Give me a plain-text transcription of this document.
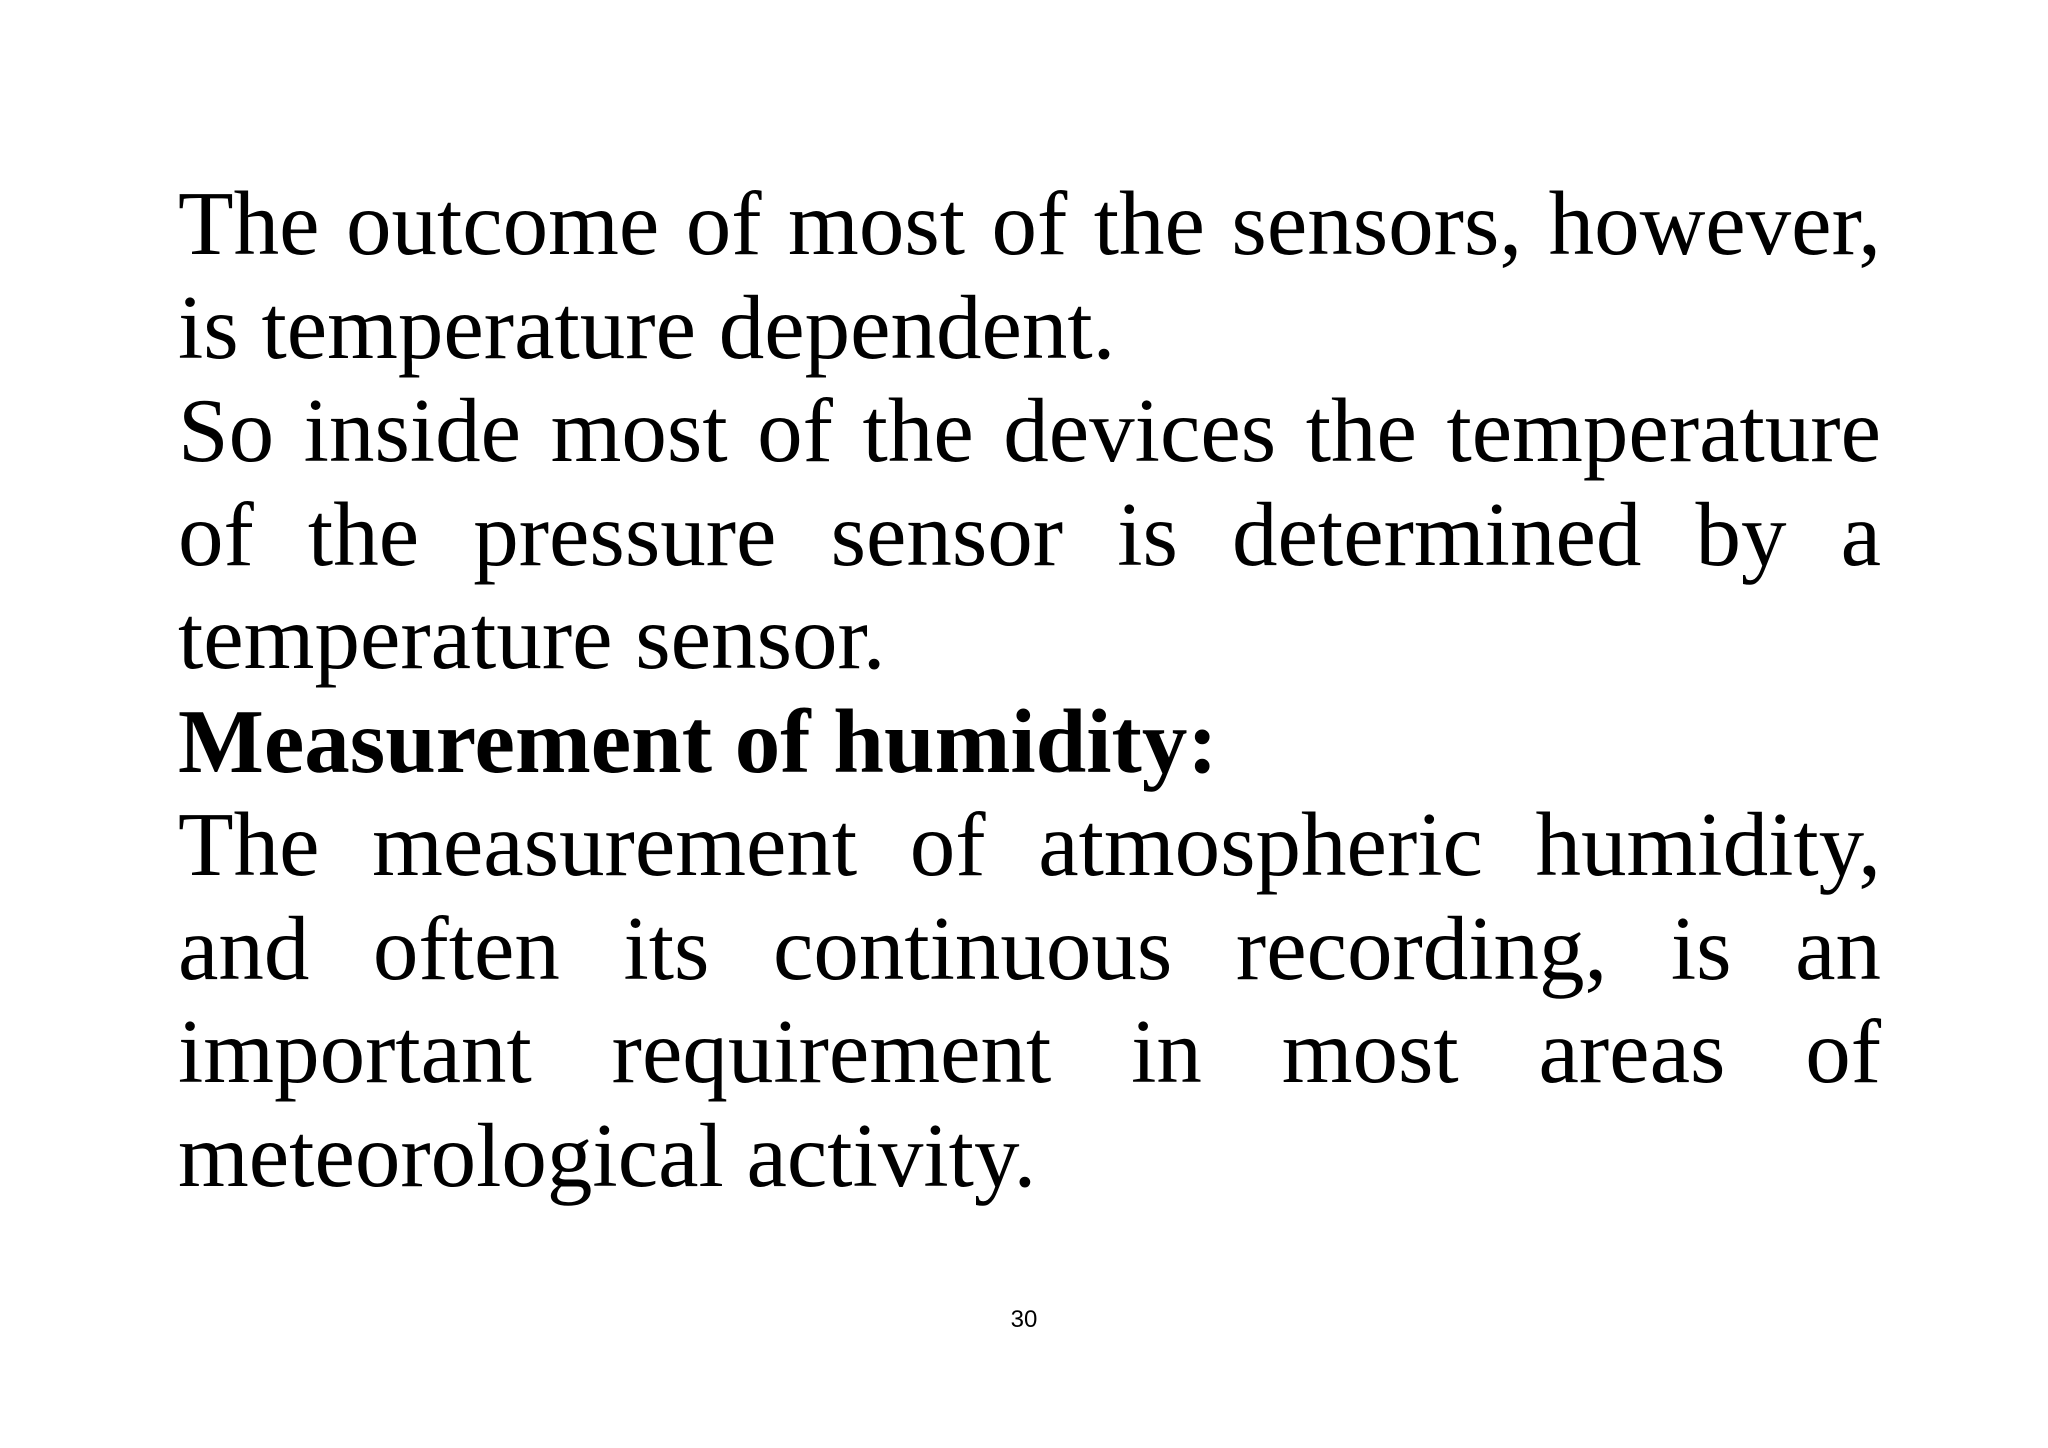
The outcome of most of the sensors, however, is temperature dependent.

So inside most of the devices the temperature of the pressure sensor is determined by a temperature sensor.

Measurement of humidity:

The measurement of atmospheric humidity, and often its continuous recording, is an important requirement in most areas of meteorological activity.

30
